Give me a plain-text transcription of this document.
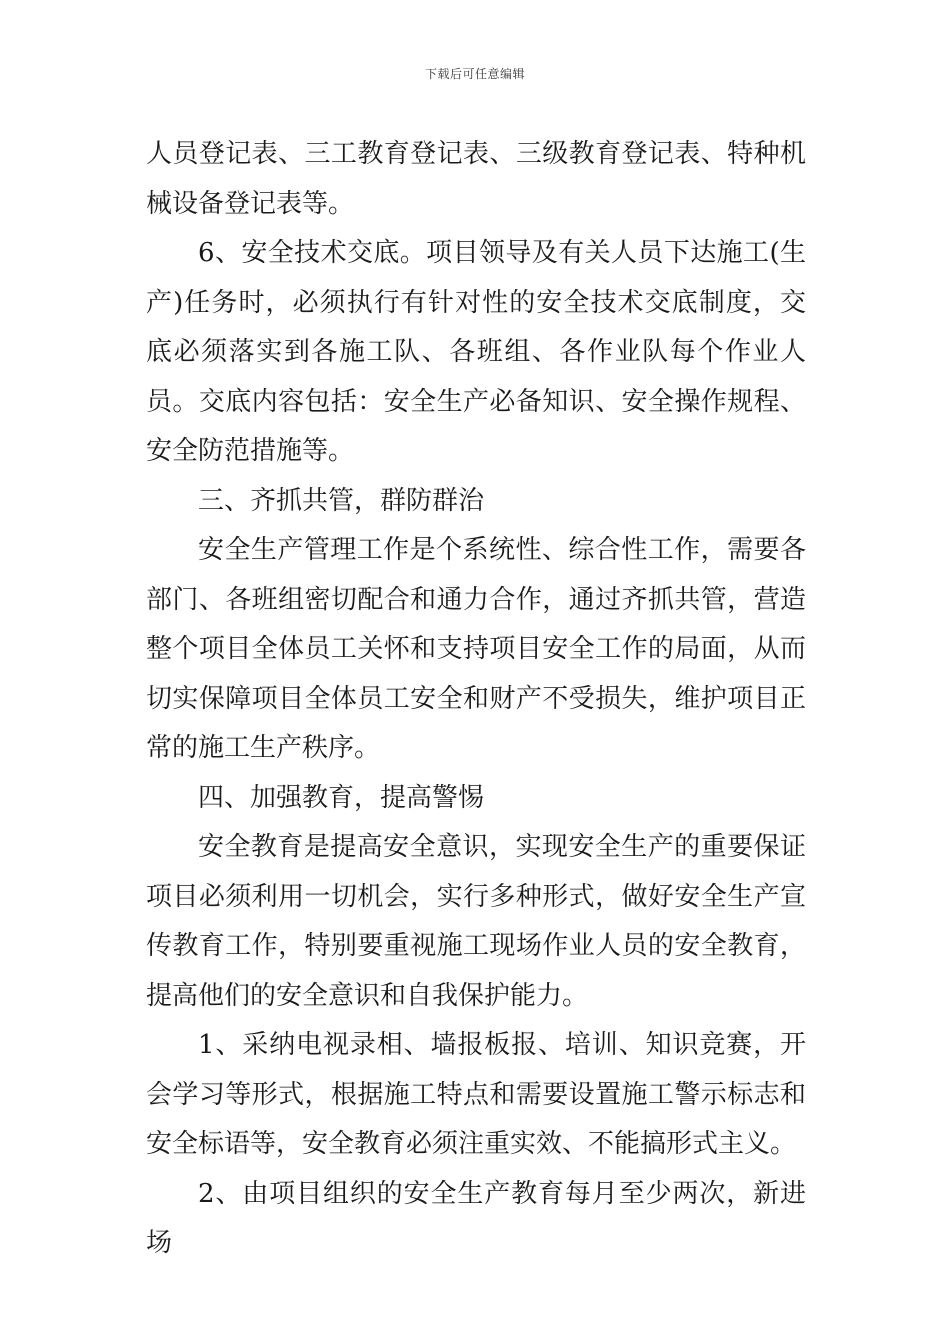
下载后可任意编辑

人员登记表、三工教育登记表、三级教育登记表、特种机械设备登记表等。

6、安全技术交底。项目领导及有关人员下达施工(生产)任务时，必须执行有针对性的安全技术交底制度，交底必须落实到各施工队、各班组、各作业队每个作业人员。交底内容包括：安全生产必备知识、安全操作规程、安全防范措施等。

三、齐抓共管，群防群治

安全生产管理工作是个系统性、综合性工作，需要各部门、各班组密切配合和通力合作，通过齐抓共管，营造整个项目全体员工关怀和支持项目安全工作的局面，从而切实保障项目全体员工安全和财产不受损失，维护项目正常的施工生产秩序。

四、加强教育，提高警惕

安全教育是提高安全意识，实现安全生产的重要保证项目必须利用一切机会，实行多种形式，做好安全生产宣传教育工作，特别要重视施工现场作业人员的安全教育，提高他们的安全意识和自我保护能力。

1、采纳电视录相、墙报板报、培训、知识竞赛，开会学习等形式，根据施工特点和需要设置施工警示标志和安全标语等，安全教育必须注重实效、不能搞形式主义。

2、由项目组织的安全生产教育每月至少两次，新进场
